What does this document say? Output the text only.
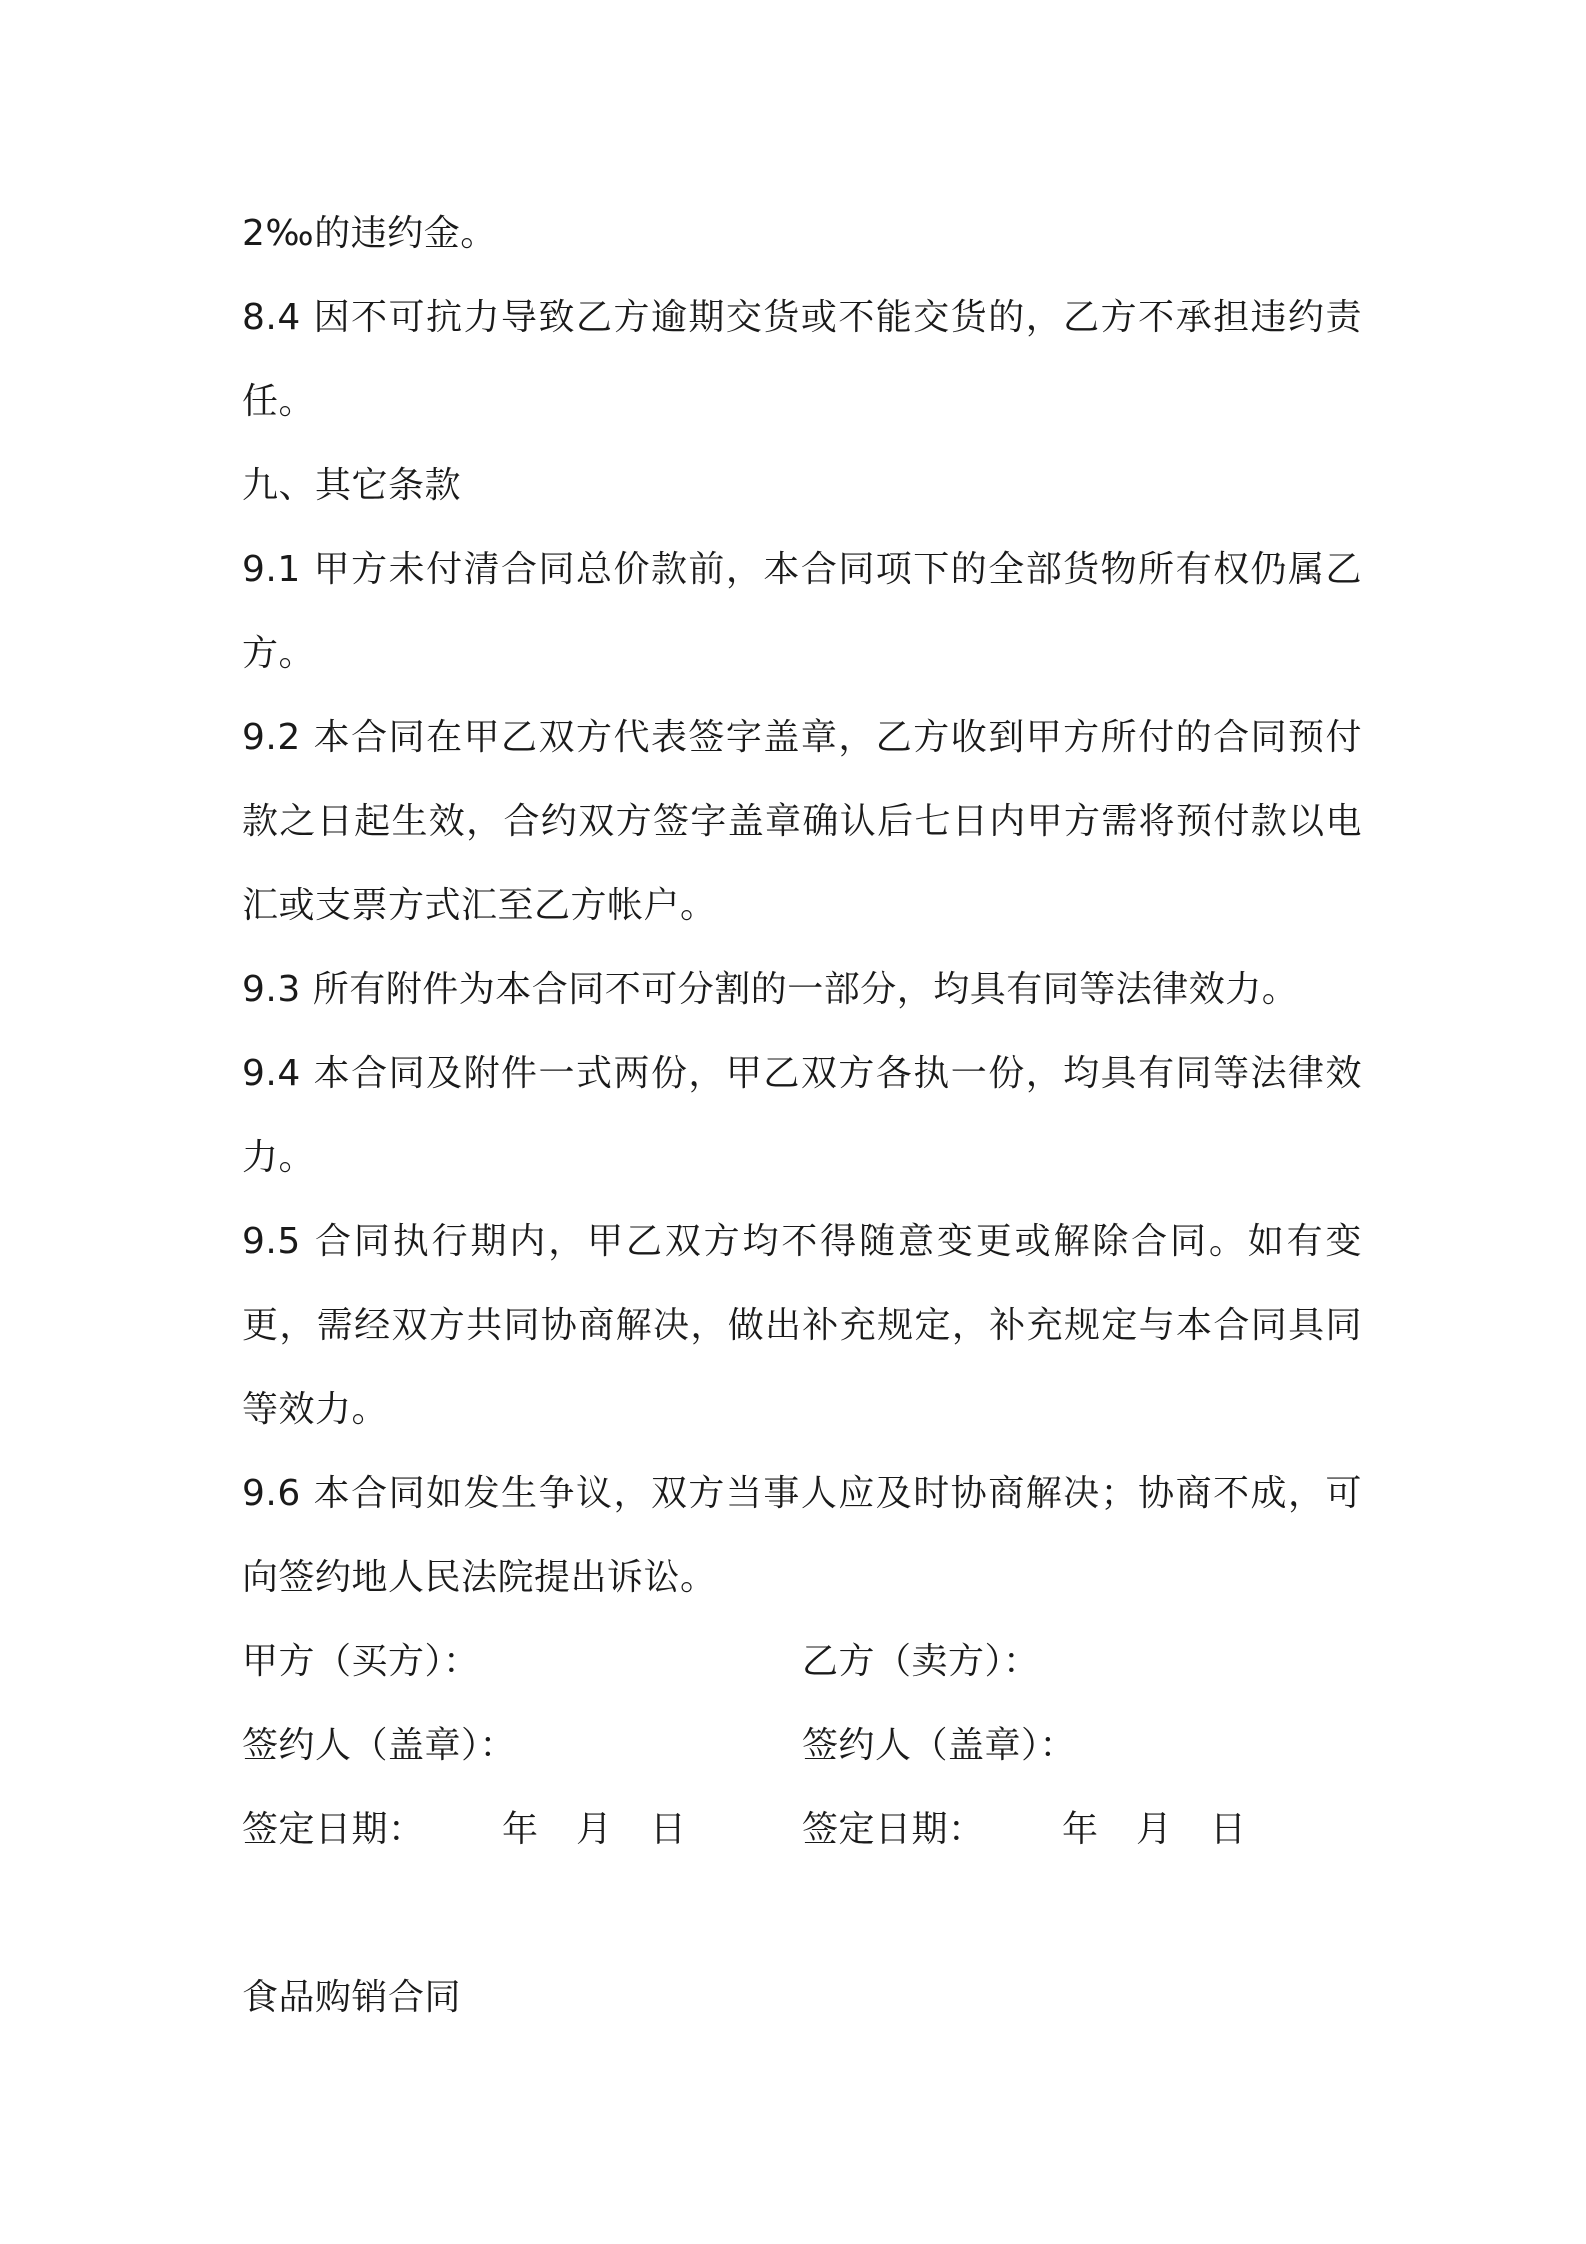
2‰的违约金。

8.4 因不可抗力导致乙方逾期交货或不能交货的，乙方不承担违约责任。

九、其它条款

9.1 甲方未付清合同总价款前，本合同项下的全部货物所有权仍属乙方。

9.2 本合同在甲乙双方代表签字盖章，乙方收到甲方所付的合同预付款之日起生效，合约双方签字盖章确认后七日内甲方需将预付款以电汇或支票方式汇至乙方帐户。

9.3 所有附件为本合同不可分割的一部分，均具有同等法律效力。

9.4 本合同及附件一式两份，甲乙双方各执一份，均具有同等法律效力。

9.5 合同执行期内，甲乙双方均不得随意变更或解除合同。如有变更，需经双方共同协商解决，做出补充规定，补充规定与本合同具同等效力。

9.6 本合同如发生争议，双方当事人应及时协商解决；协商不成，可向签约地人民法院提出诉讼。

甲方（买方）：	乙方（卖方）：
签约人（盖章）：	签约人（盖章）：
签定日期： 年 月 日	签定日期： 年 月 日

食品购销合同
